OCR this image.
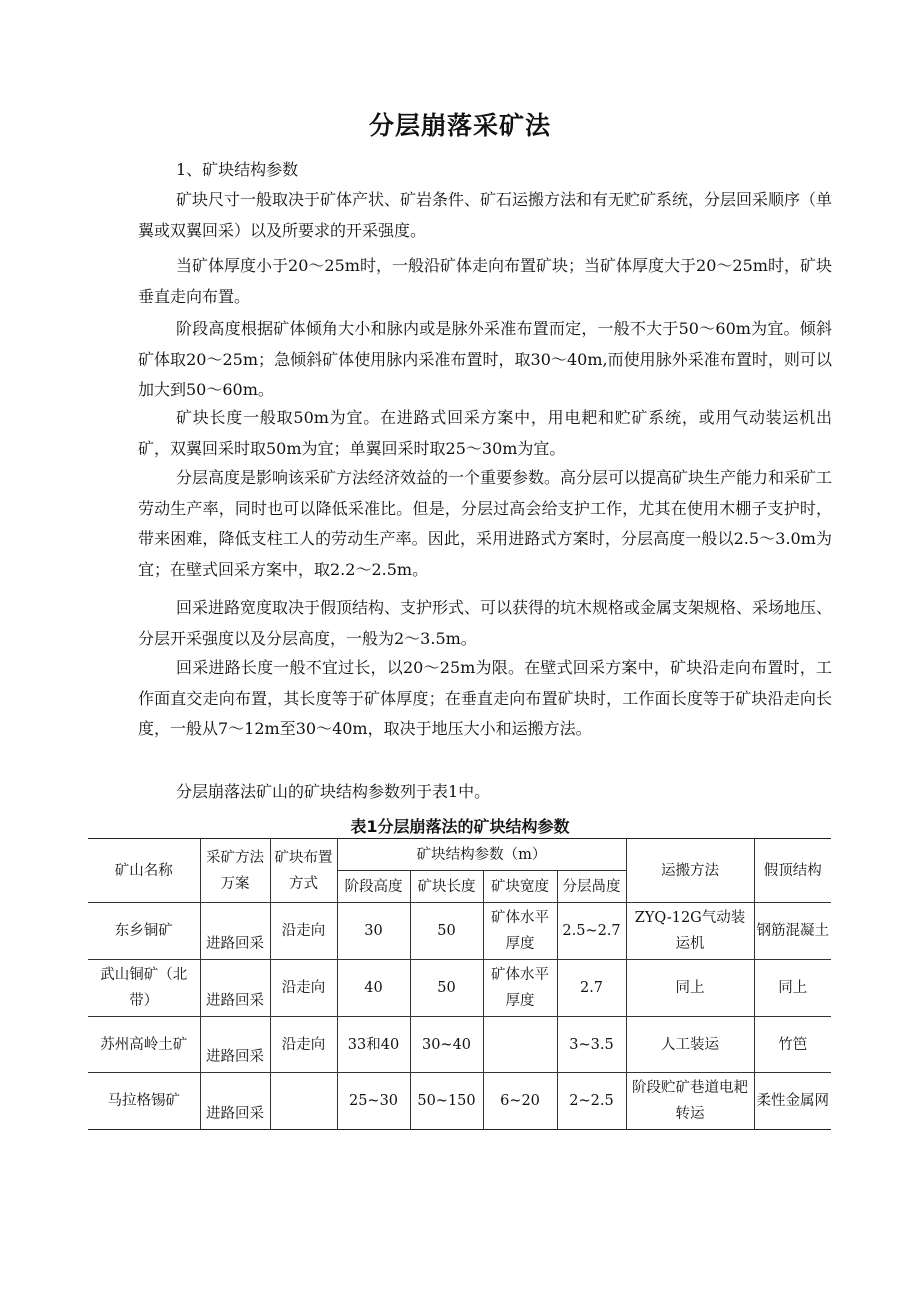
分层崩落采矿法

1、矿块结构参数

矿块尺寸一般取决于矿体产状、矿岩条件、矿石运搬方法和有无贮矿系统，分层回采顺序（单翼或双翼回采）以及所要求的开采强度。

当矿体厚度小于20～25m时，一般沿矿体走向布置矿块；当矿体厚度大于20～25m时，矿块垂直走向布置。

阶段高度根据矿体倾角大小和脉内或是脉外采准布置而定，一般不大于50～60m为宜。倾斜矿体取20～25m；急倾斜矿体使用脉内采准布置时，取30～40m,而使用脉外采准布置时，则可以加大到50～60m。

矿块长度一般取50m为宜。在进路式回采方案中，用电耙和贮矿系统，或用气动装运机出矿，双翼回采时取50m为宜；单翼回采时取25～30m为宜。

分层高度是影响该采矿方法经济效益的一个重要参数。高分层可以提高矿块生产能力和采矿工劳动生产率，同时也可以降低采准比。但是，分层过高会给支护工作，尤其在使用木棚子支护时，带来困难，降低支柱工人的劳动生产率。因此，采用进路式方案时，分层高度一般以2.5～3.0m为宜；在壁式回采方案中，取2.2～2.5m。

回采进路宽度取决于假顶结构、支护形式、可以获得的坑木规格或金属支架规格、采场地压、分层开采强度以及分层高度，一般为2～3.5m。

回采进路长度一般不宜过长，以20～25m为限。在壁式回采方案中，矿块沿走向布置时，工作面直交走向布置，其长度等于矿体厚度；在垂直走向布置矿块时，工作面长度等于矿块沿走向长度，一般从7～12m至30～40m，取决于地压大小和运搬方法。

分层崩落法矿山的矿块结构参数列于表1中。

表1分层崩落法的矿块结构参数
矿山名称	采矿方法万案	矿块布置方式	矿块结构参数（m）				运搬方法	假顶结构
			阶段高度	矿块长度	矿块宽度	分层咼度		
东乡铜矿	进路回采	沿走向	30	50	矿体水平厚度	2.5~2.7	ZYQ-12G气动装运机	钢筋混凝土
武山铜矿（北带）	进路回采	沿走向	40	50	矿体水平厚度	2.7	同上	同上
苏州高岭土矿	进路回采	沿走向	33和40	30~40		3~3.5	人工装运	竹笆
马拉格锡矿	进路回采		25~30	50~150	6~20	2~2.5	阶段贮矿巷道电耙转运	柔性金属网
